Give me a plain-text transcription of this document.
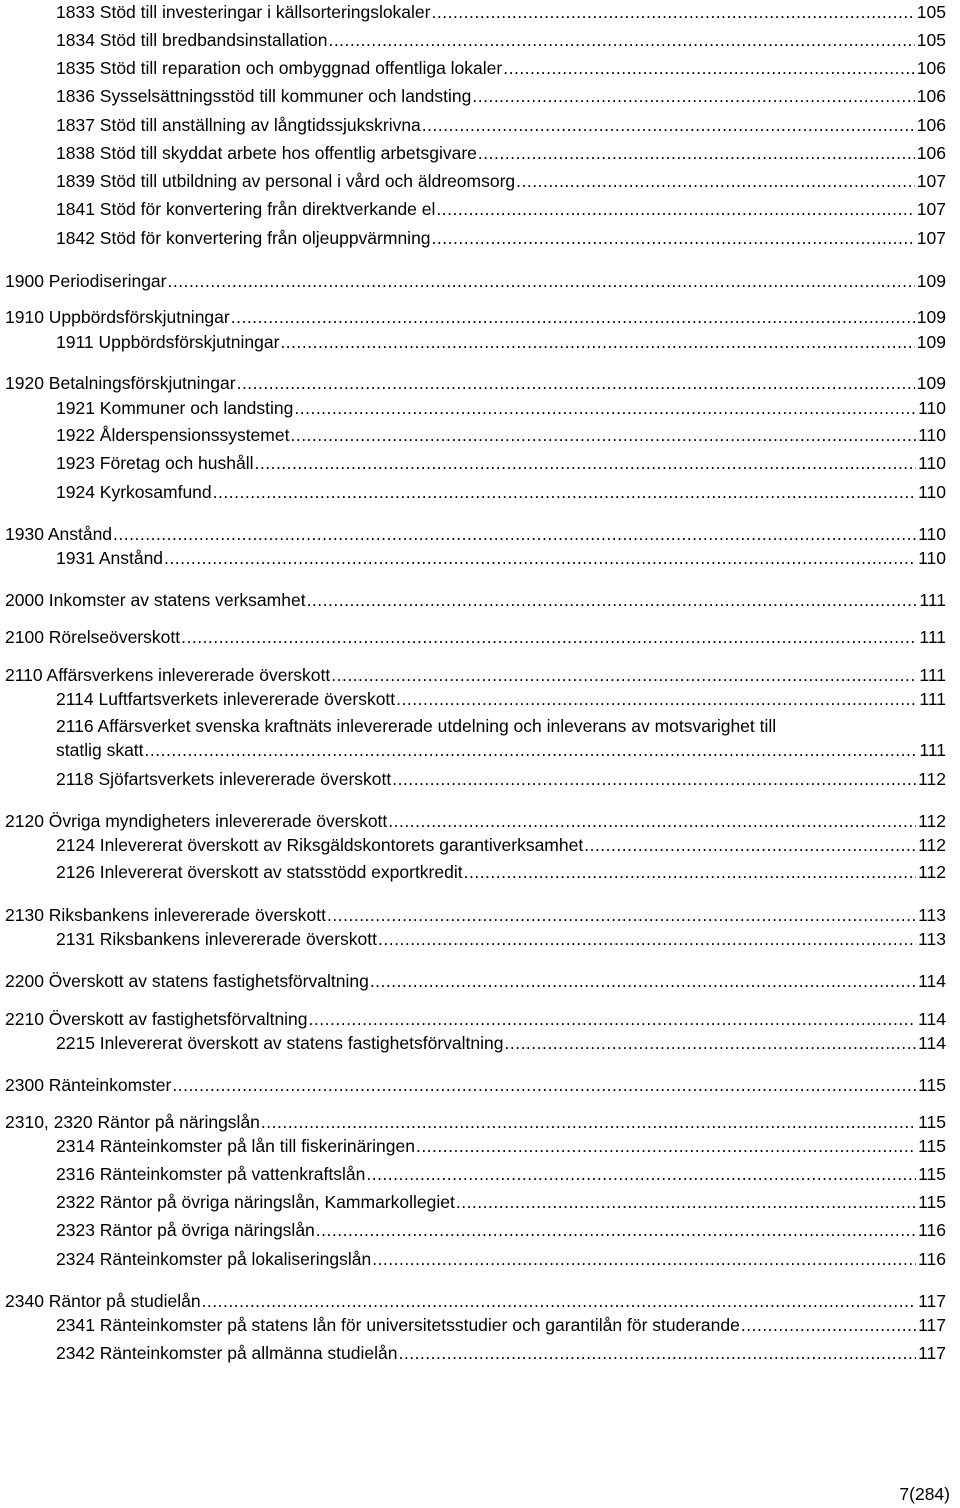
1833 Stöd till investeringar i källsorteringslokaler .....	105
1834 Stöd till bredbandsinstallation .....	105
1835 Stöd till reparation och ombyggnad offentliga lokaler .....	106
1836 Sysselsättningsstöd till kommuner och landsting .....	106
1837 Stöd till anställning av långtidssjukskrivna .....	106
1838 Stöd till skyddat arbete hos offentlig arbetsgivare .....	106
1839 Stöd till utbildning av personal i vård och äldreomsorg .....	107
1841 Stöd för konvertering från direktverkande el .....	107
1842 Stöd för konvertering från oljeuppvärmning .....	107
1900 Periodiseringar .....	109
1910 Uppbördsförskjutningar .....	109
1911 Uppbördsförskjutningar .....	109
1920 Betalningsförskjutningar .....	109
1921 Kommuner och landsting .....	110
1922 Ålderspensionssystemet .....	110
1923 Företag och hushåll .....	110
1924 Kyrkosamfund .....	110
1930 Anstånd .....	110
1931 Anstånd .....	110
2000 Inkomster av statens verksamhet .....	111
2100 Rörelseöverskott .....	111
2110 Affärsverkens inlevererade överskott .....	111
2114 Luftfartsverkets inlevererade överskott .....	111
2116 Affärsverket svenska kraftnäts inlevererade utdelning och inleverans av motsvarighet till
statlig skatt .....	111
2118 Sjöfartsverkets inlevererade överskott .....	112
2120 Övriga myndigheters inlevererade överskott .....	112
2124 Inlevererat överskott av Riksgäldskontorets garantiverksamhet .....	112
2126 Inlevererat överskott av statsstödd exportkredit .....	112
2130 Riksbankens inlevererade överskott .....	113
2131 Riksbankens inlevererade överskott .....	113
2200 Överskott av statens fastighetsförvaltning .....	114
2210 Överskott av fastighetsförvaltning .....	114
2215 Inlevererat överskott av statens fastighetsförvaltning .....	114
2300 Ränteinkomster .....	115
2310, 2320 Räntor på näringslån .....	115
2314 Ränteinkomster på lån till fiskerinäringen .....	115
2316 Ränteinkomster på vattenkraftslån .....	115
2322 Räntor på övriga näringslån, Kammarkollegiet .....	115
2323 Räntor på övriga näringslån .....	116
2324 Ränteinkomster på lokaliseringslån .....	116
2340 Räntor på studielån .....	117
2341 Ränteinkomster på statens lån för universitetsstudier och garantilån för studerande .....	117
2342 Ränteinkomster på allmänna studielån .....	117
7(284)
